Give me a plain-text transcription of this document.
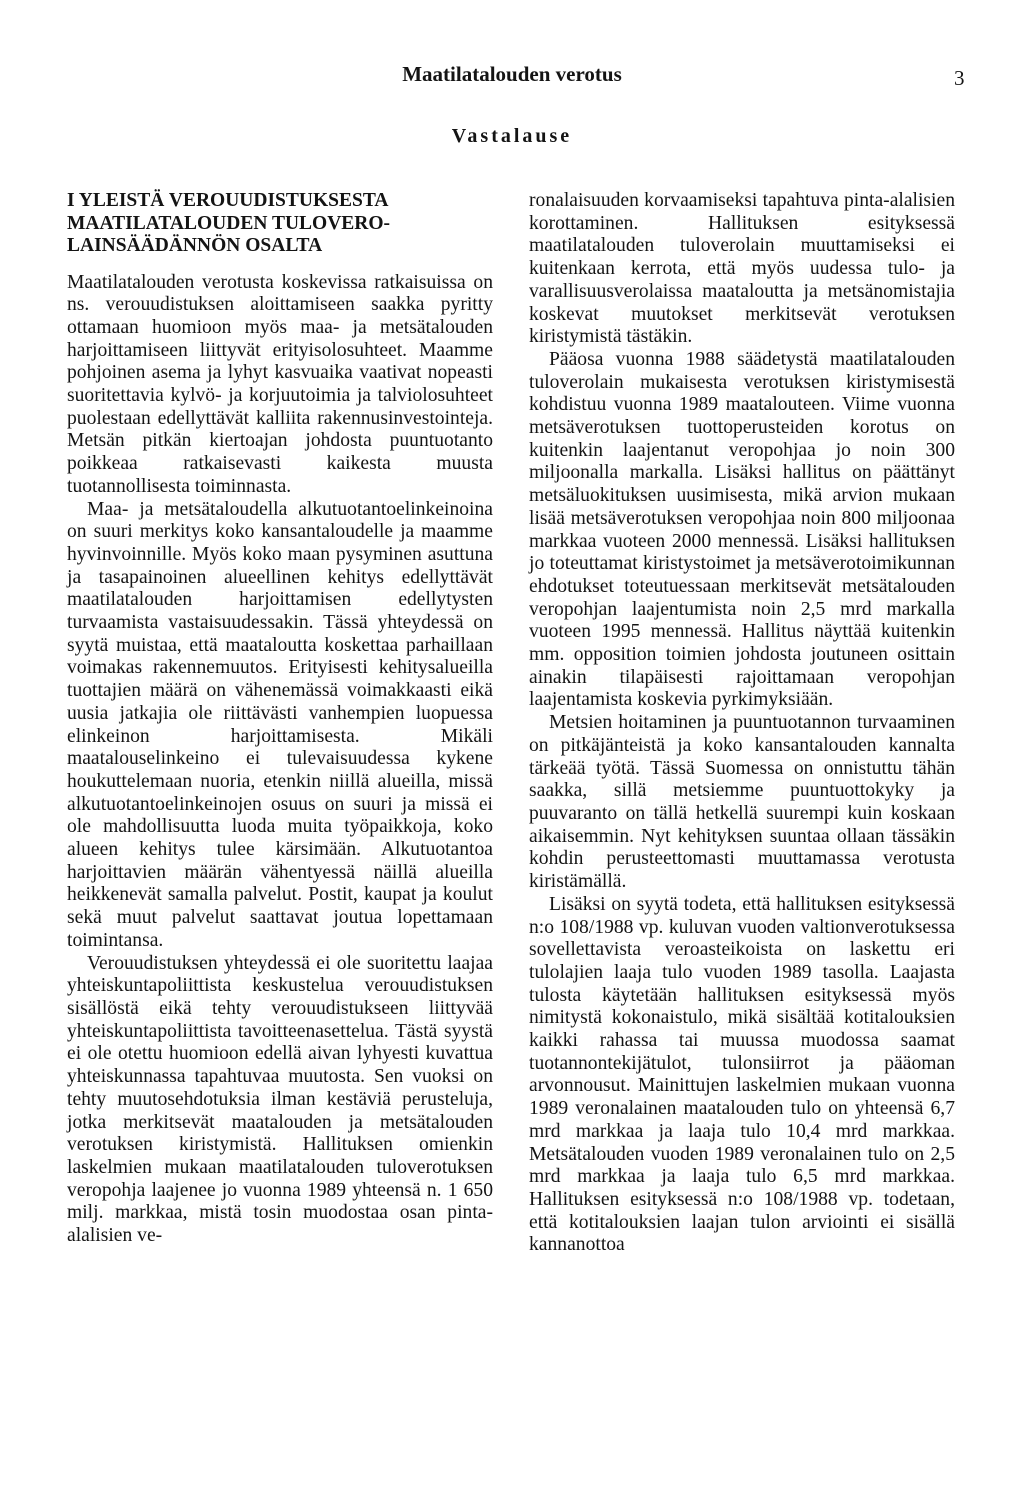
Maatilatalouden verotus	3
Vastalause
I YLEISTÄ VEROUUDISTUKSESTA MAATILATALOUDEN TULOVERO-LAINSÄÄDÄNNÖN OSALTA

Maatilatalouden verotusta koskevissa ratkaisuissa on ns. verouudistuksen aloittamiseen saakka pyritty ottamaan huomioon myös maa- ja metsätalouden harjoittamiseen liittyvät erityisolosuhteet. Maamme pohjoinen asema ja lyhyt kasvuaika vaativat nopeasti suoritettavia kylvö- ja korjuutoimia ja talviolosuhteet puolestaan edellyttävät kalliita rakennusinvestointeja. Metsän pitkän kiertoajan johdosta puuntuotanto poikkeaa ratkaisevasti kaikesta muusta tuotannollisesta toiminnasta.

Maa- ja metsätaloudella alkutuotantoelinkeinoina on suuri merkitys koko kansantaloudelle ja maamme hyvinvoinnille. Myös koko maan pysyminen asuttuna ja tasapainoinen alueellinen kehitys edellyttävät maatilatalouden harjoittamisen edellytysten turvaamista vastaisuudessakin. Tässä yhteydessä on syytä muistaa, että maataloutta koskettaa parhaillaan voimakas rakennemuutos. Erityisesti kehitysalueilla tuottajien määrä on vähenemässä voimakkaasti eikä uusia jatkajia ole riittävästi vanhempien luopuessa elinkeinon harjoittamisesta. Mikäli maatalouselinkeino ei tulevaisuudessa kykene houkuttelemaan nuoria, etenkin niillä alueilla, missä alkutuotantoelinkeinojen osuus on suuri ja missä ei ole mahdollisuutta luoda muita työpaikkoja, koko alueen kehitys tulee kärsimään. Alkutuotantoa harjoittavien määrän vähentyessä näillä alueilla heikkenevät samalla palvelut. Postit, kaupat ja koulut sekä muut palvelut saattavat joutua lopettamaan toimintansa.

Verouudistuksen yhteydessä ei ole suoritettu laajaa yhteiskuntapoliittista keskustelua verouudistuksen sisällöstä eikä tehty verouudistukseen liittyvää yhteiskuntapoliittista tavoitteenasettelua. Tästä syystä ei ole otettu huomioon edellä aivan lyhyesti kuvattua yhteiskunnassa tapahtuvaa muutosta. Sen vuoksi on tehty muutosehdotuksia ilman kestäviä perusteluja, jotka merkitsevät maatalouden ja metsätalouden verotuksen kiristymistä. Hallituksen omienkin laskelmien mukaan maatilatalouden tuloverotuksen veropohja laajenee jo vuonna 1989 yhteensä n. 1 650 milj. markkaa, mistä tosin muodostaa osan pinta-alalisien ve-

ronalaisuuden korvaamiseksi tapahtuva pinta-alalisien korottaminen. Hallituksen esityksessä maatilatalouden tuloverolain muuttamiseksi ei kuitenkaan kerrota, että myös uudessa tulo- ja varallisuusverolaissa maataloutta ja metsänomistajia koskevat muutokset merkitsevät verotuksen kiristymistä tästäkin.

Pääosa vuonna 1988 säädetystä maatilatalouden tuloverolain mukaisesta verotuksen kiristymisestä kohdistuu vuonna 1989 maatalouteen. Viime vuonna metsäverotuksen tuottoperusteiden korotus on kuitenkin laajentanut veropohjaa jo noin 300 miljoonalla markalla. Lisäksi hallitus on päättänyt metsäluokituksen uusimisesta, mikä arvion mukaan lisää metsäverotuksen veropohjaa noin 800 miljoonaa markkaa vuoteen 2000 mennessä. Lisäksi hallituksen jo toteuttamat kiristystoimet ja metsäverotoimikunnan ehdotukset toteutuessaan merkitsevät metsätalouden veropohjan laajentumista noin 2,5 mrd markalla vuoteen 1995 mennessä. Hallitus näyttää kuitenkin mm. opposition toimien johdosta joutuneen osittain ainakin tilapäisesti rajoittamaan veropohjan laajentamista koskevia pyrkimyksiään.

Metsien hoitaminen ja puuntuotannon turvaaminen on pitkäjänteistä ja koko kansantalouden kannalta tärkeää työtä. Tässä Suomessa on onnistuttu tähän saakka, sillä metsiemme puuntuottokyky ja puuvaranto on tällä hetkellä suurempi kuin koskaan aikaisemmin. Nyt kehityksen suuntaa ollaan tässäkin kohdin perusteettomasti muuttamassa verotusta kiristämällä.

Lisäksi on syytä todeta, että hallituksen esityksessä n:o 108/1988 vp. kuluvan vuoden valtionverotuksessa sovellettavista veroasteikoista on laskettu eri tulolajien laaja tulo vuoden 1989 tasolla. Laajasta tulosta käytetään hallituksen esityksessä myös nimitystä kokonaistulo, mikä sisältää kotitalouksien kaikki rahassa tai muussa muodossa saamat tuotannontekijätulot, tulonsiirrot ja pääoman arvonnousut. Mainittujen laskelmien mukaan vuonna 1989 veronalainen maatalouden tulo on yhteensä 6,7 mrd markkaa ja laaja tulo 10,4 mrd markkaa. Metsätalouden vuoden 1989 veronalainen tulo on 2,5 mrd markkaa ja laaja tulo 6,5 mrd markkaa. Hallituksen esityksessä n:o 108/1988 vp. todetaan, että kotitalouksien laajan tulon arviointi ei sisällä kannanottoa
